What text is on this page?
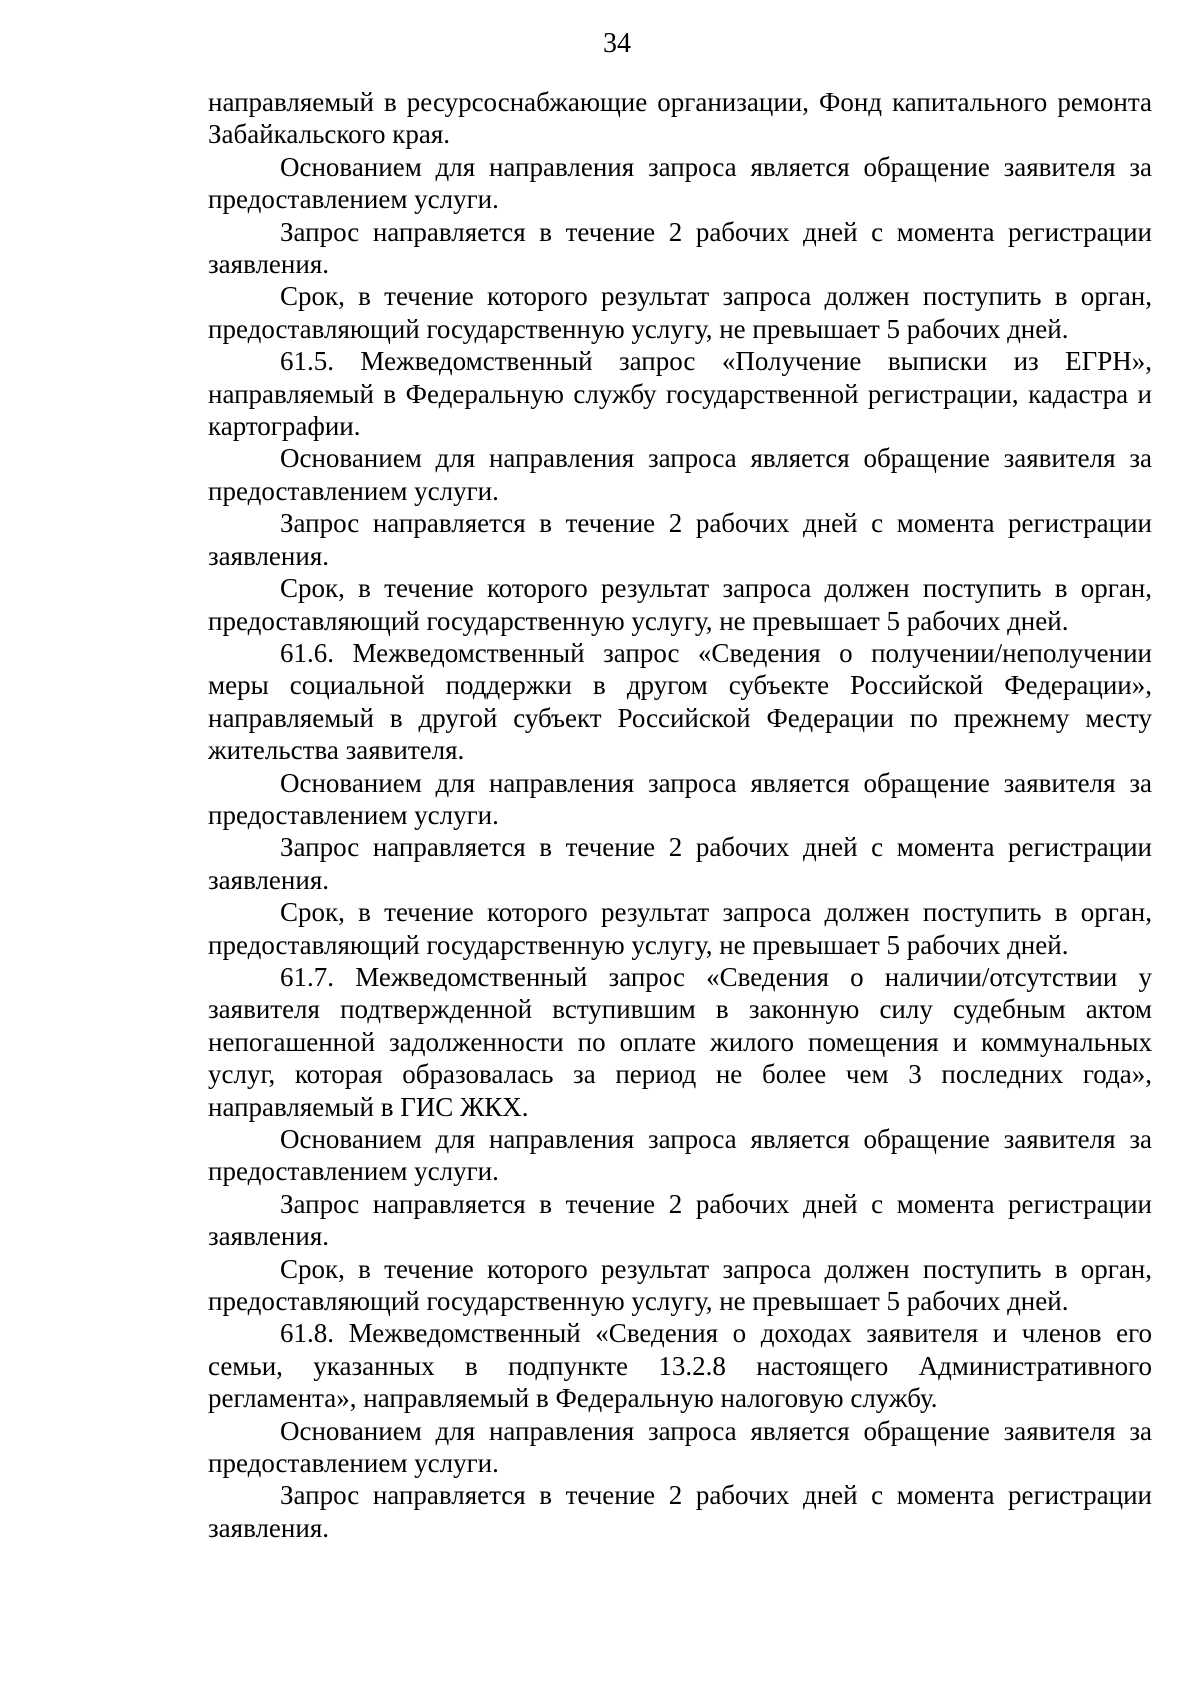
34

направляемый в ресурсоснабжающие организации, Фонд капитального ремонта Забайкальского края.

Основанием для направления запроса является обращение заявителя за предоставлением услуги.

Запрос направляется в течение 2 рабочих дней с момента регистрации заявления.

Срок, в течение которого результат запроса должен поступить в орган, предоставляющий государственную услугу, не превышает 5 рабочих дней.

61.5. Межведомственный запрос «Получение выписки из ЕГРН», направляемый в Федеральную службу государственной регистрации, кадастра и картографии.

Основанием для направления запроса является обращение заявителя за предоставлением услуги.

Запрос направляется в течение 2 рабочих дней с момента регистрации заявления.

Срок, в течение которого результат запроса должен поступить в орган, предоставляющий государственную услугу, не превышает 5 рабочих дней.

61.6. Межведомственный запрос «Сведения о получении/неполучении меры социальной поддержки в другом субъекте Российской Федерации», направляемый в другой субъект Российской Федерации по прежнему месту жительства заявителя.

Основанием для направления запроса является обращение заявителя за предоставлением услуги.

Запрос направляется в течение 2 рабочих дней с момента регистрации заявления.

Срок, в течение которого результат запроса должен поступить в орган, предоставляющий государственную услугу, не превышает 5 рабочих дней.

61.7. Межведомственный запрос «Сведения о наличии/отсутствии у заявителя подтвержденной вступившим в законную силу судебным актом непогашенной задолженности по оплате жилого помещения и коммунальных услуг, которая образовалась за период не более чем 3 последних года», направляемый в ГИС ЖКХ.

Основанием для направления запроса является обращение заявителя за предоставлением услуги.

Запрос направляется в течение 2 рабочих дней с момента регистрации заявления.

Срок, в течение которого результат запроса должен поступить в орган, предоставляющий государственную услугу, не превышает 5 рабочих дней.

61.8. Межведомственный «Сведения о доходах заявителя и членов его семьи, указанных в подпункте 13.2.8 настоящего Административного регламента», направляемый в Федеральную налоговую службу.

Основанием для направления запроса является обращение заявителя за предоставлением услуги.

Запрос направляется в течение 2 рабочих дней с момента регистрации заявления.
